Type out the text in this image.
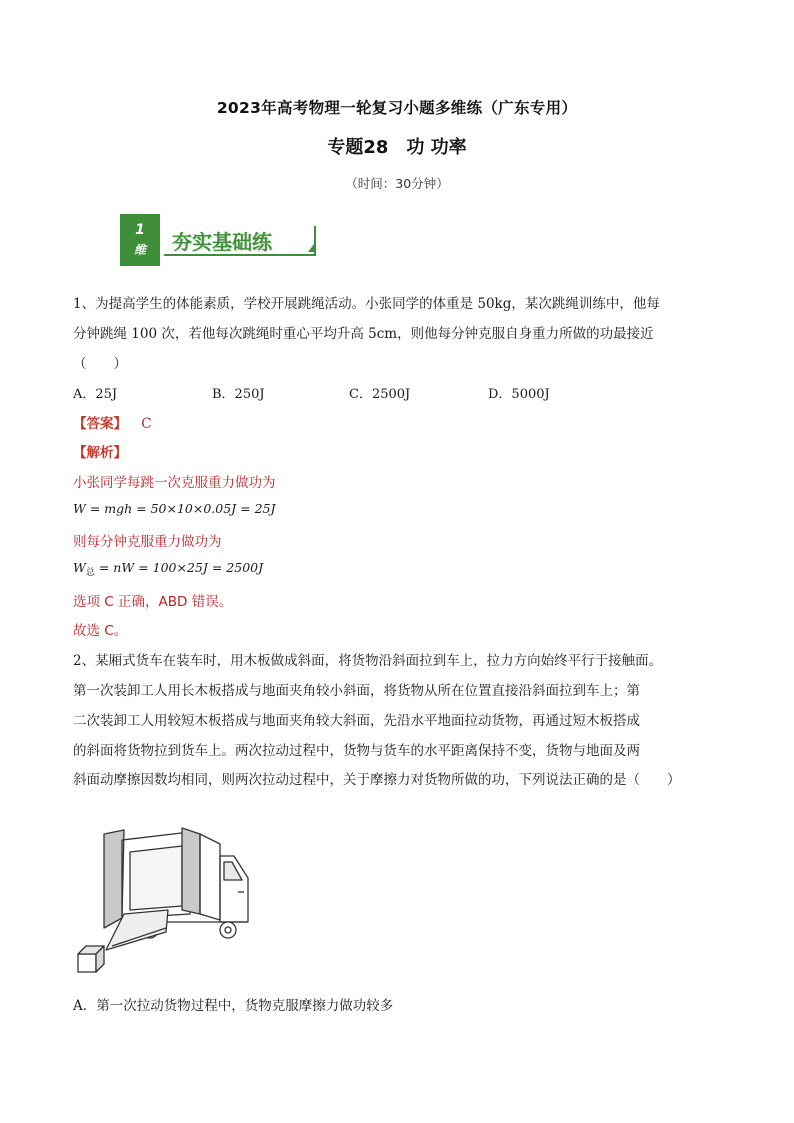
2023年高考物理一轮复习小题多维练（广东专用）
专题28　功 功率
（时间：30分钟）
1
维 夯实基础练
1、为提高学生的体能素质，学校开展跳绳活动。小张同学的体重是 50kg，某次跳绳训练中，他每
分钟跳绳 100 次，若他每次跳绳时重心平均升高 5cm，则他每分钟克服自身重力所做的功最接近
（　　）
A．25J	B．250J	C．2500J	D．5000J
【答案】 C
【解析】
小张同学每跳一次克服重力做功为
W = mgh = 50×10×0.05J = 25J
则每分钟克服重力做功为
$W_总$ = nW = 100×25J = 2500J
选项 C 正确，ABD 错误。
故选 C。
2、某厢式货车在装车时，用木板做成斜面，将货物沿斜面拉到车上，拉力方向始终平行于接触面。
第一次装卸工人用长木板搭成与地面夹角较小斜面，将货物从所在位置直接沿斜面拉到车上；第
二次装卸工人用较短木板搭成与地面夹角较大斜面，先沿水平地面拉动货物，再通过短木板搭成
的斜面将货物拉到货车上。两次拉动过程中，货物与货车的水平距离保持不变，货物与地面及两
斜面动摩擦因数均相同，则两次拉动过程中，关于摩擦力对货物所做的功，下列说法正确的是（　　）
A．第一次拉动货物过程中，货物克服摩擦力做功较多
